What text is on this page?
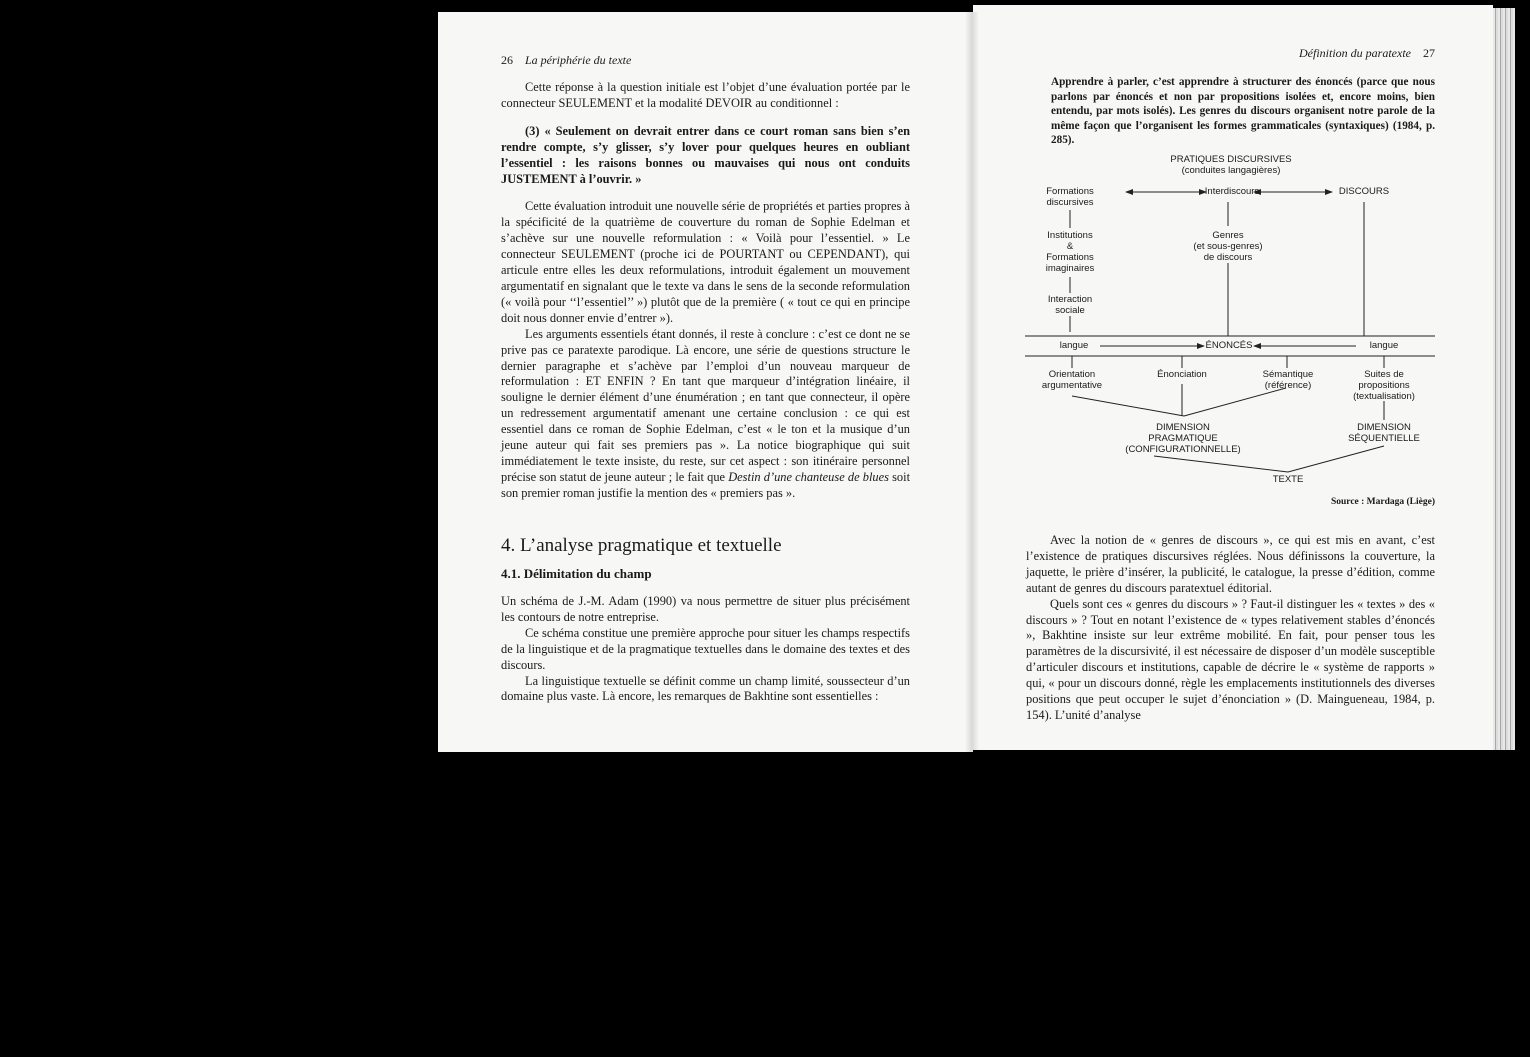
26 La périphérie du texte

Cette réponse à la question initiale est l’objet d’une évaluation portée par le connecteur SEULEMENT et la modalité DEVOIR au conditionnel :

(3) « Seulement on devrait entrer dans ce court roman sans bien s’en rendre compte, s’y glisser, s’y lover pour quelques heures en oubliant l’essentiel : les raisons bonnes ou mauvaises qui nous ont conduits JUSTEMENT à l’ouvrir. »

Cette évaluation introduit une nouvelle série de propriétés et parties propres à la spécificité de la quatrième de couverture du roman de Sophie Edelman et s’achève sur une nouvelle reformulation : « Voilà pour l’essentiel. » Le connecteur SEULEMENT (proche ici de POURTANT ou CEPENDANT), qui articule entre elles les deux reformulations, introduit également un mouvement argumentatif en signalant que le texte va dans le sens de la seconde reformulation (« voilà pour ‘‘l’essentiel’’ ») plutôt que de la première ( « tout ce qui en principe doit nous donner envie d’entrer »).

Les arguments essentiels étant donnés, il reste à conclure : c’est ce dont ne se prive pas ce paratexte parodique. Là encore, une série de questions structure le dernier paragraphe et s’achève par l’emploi d’un nouveau marqueur de reformulation : ET ENFIN ? En tant que marqueur d’intégration linéaire, il souligne le dernier élément d’une énumération ; en tant que connecteur, il opère un redressement argumentatif amenant une certaine conclusion : ce qui est essentiel dans ce roman de Sophie Edelman, c’est « le ton et la musique d’un jeune auteur qui fait ses premiers pas ». La notice biographique qui suit immédiatement le texte insiste, du reste, sur cet aspect : son itinéraire personnel précise son statut de jeune auteur ; le fait que Destin d’une chanteuse de blues soit son premier roman justifie la mention des « premiers pas ».

4. L’analyse pragmatique et textuelle
4.1. Délimitation du champ

Un schéma de J.-M. Adam (1990) va nous permettre de situer plus précisément les contours de notre entreprise.

Ce schéma constitue une première approche pour situer les champs respectifs de la linguistique et de la pragmatique textuelles dans le domaine des textes et des discours.

La linguistique textuelle se définit comme un champ limité, soussecteur d’un domaine plus vaste. Là encore, les remarques de Bakhtine sont essentielles :

Définition du paratexte 27

Apprendre à parler, c’est apprendre à structurer des énoncés (parce que nous parlons par énoncés et non par propositions isolées et, encore moins, bien entendu, par mots isolés). Les genres du discours organisent notre parole de la même façon que l’organisent les formes grammaticales (syntaxiques) (1984, p. 285).

PRATIQUES DISCURSIVES
(conduites langagières)
Formations
discursives
Interdiscours	DISCOURS
Institutions
&
Formations
imaginaires
Genres
(et sous-genres)
de discours
Interaction
sociale
langue	ÉNONCÉS	langue
Orientation
argumentative
Énonciation	Sémantique
(référence)
Suites de
propositions
(textualisation)
DIMENSION
PRAGMATIQUE
(CONFIGURATIONNELLE)
DIMENSION
SÉQUENTIELLE
TEXTE
Source : Mardaga (Liège)

Avec la notion de « genres de discours », ce qui est mis en avant, c’est l’existence de pratiques discursives réglées. Nous définissons la couverture, la jaquette, le prière d’insérer, la publicité, le catalogue, la presse d’édition, comme autant de genres du discours paratextuel éditorial.

Quels sont ces « genres du discours » ? Faut-il distinguer les « textes » des « discours » ? Tout en notant l’existence de « types relativement stables d’énoncés », Bakhtine insiste sur leur extrême mobilité. En fait, pour penser tous les paramètres de la discursivité, il est nécessaire de disposer d’un modèle susceptible d’articuler discours et institutions, capable de décrire le « système de rapports » qui, « pour un discours donné, règle les emplacements institutionnels des diverses positions que peut occuper le sujet d’énonciation » (D. Maingueneau, 1984, p. 154). L’unité d’analyse
